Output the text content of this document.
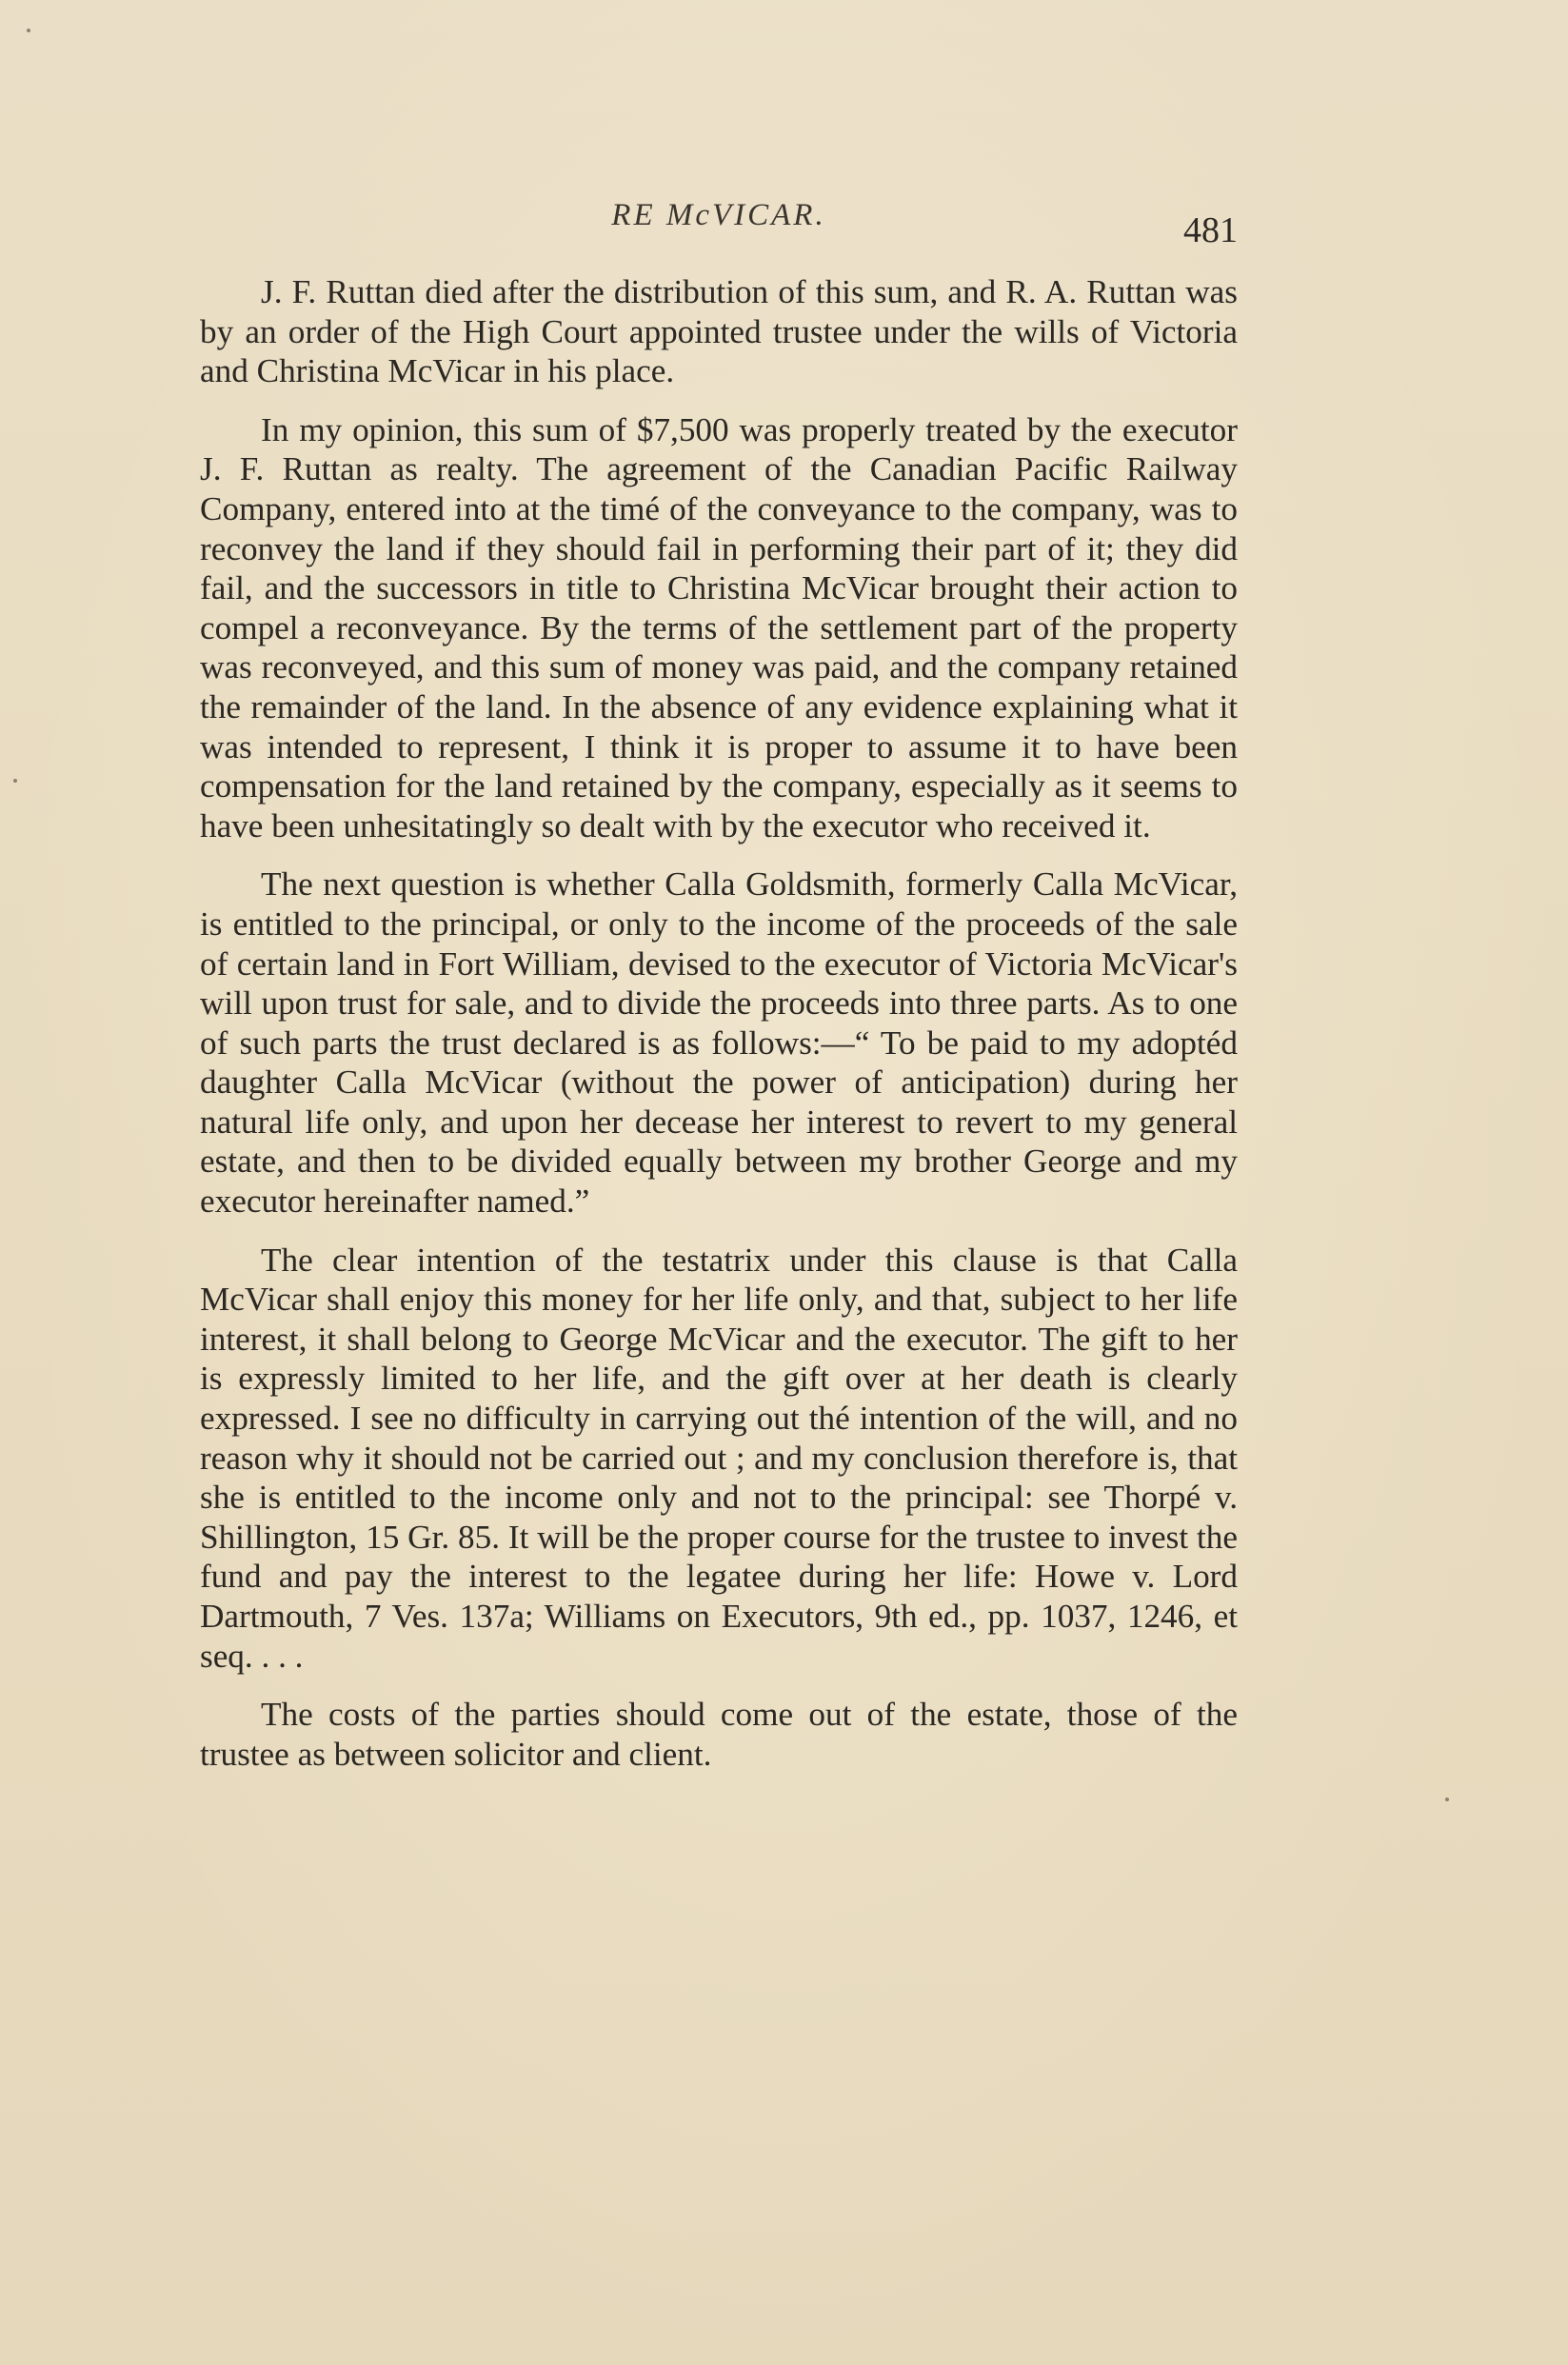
RE McVICAR.	481

J. F. Ruttan died after the distribution of this sum, and R. A. Ruttan was by an order of the High Court appointed trustee under the wills of Victoria and Christina McVicar in his place.

In my opinion, this sum of $7,500 was properly treated by the executor J. F. Ruttan as realty. The agreement of the Canadian Pacific Railway Company, entered into at the timé of the conveyance to the company, was to reconvey the land if they should fail in performing their part of it; they did fail, and the successors in title to Christina McVicar brought their action to compel a reconveyance. By the terms of the settlement part of the property was reconveyed, and this sum of money was paid, and the company retained the remainder of the land. In the absence of any evidence explaining what it was intended to represent, I think it is proper to assume it to have been compensation for the land retained by the company, especially as it seems to have been unhesitatingly so dealt with by the executor who received it.

The next question is whether Calla Goldsmith, formerly Calla McVicar, is entitled to the principal, or only to the income of the proceeds of the sale of certain land in Fort William, devised to the executor of Victoria McVicar's will upon trust for sale, and to divide the proceeds into three parts. As to one of such parts the trust declared is as follows:—“ To be paid to my adoptéd daughter Calla McVicar (without the power of anticipation) during her natural life only, and upon her decease her interest to revert to my general estate, and then to be divided equally between my brother George and my executor hereinafter named.”

The clear intention of the testatrix under this clause is that Calla McVicar shall enjoy this money for her life only, and that, subject to her life interest, it shall belong to George McVicar and the executor. The gift to her is expressly limited to her life, and the gift over at her death is clearly expressed. I see no difficulty in carrying out thé intention of the will, and no reason why it should not be carried out ; and my conclusion therefore is, that she is entitled to the income only and not to the principal: see Thorpé v. Shillington, 15 Gr. 85. It will be the proper course for the trustee to invest the fund and pay the interest to the legatee during her life: Howe v. Lord Dartmouth, 7 Ves. 137a; Williams on Executors, 9th ed., pp. 1037, 1246, et seq. . . .

The costs of the parties should come out of the estate, those of the trustee as between solicitor and client.
